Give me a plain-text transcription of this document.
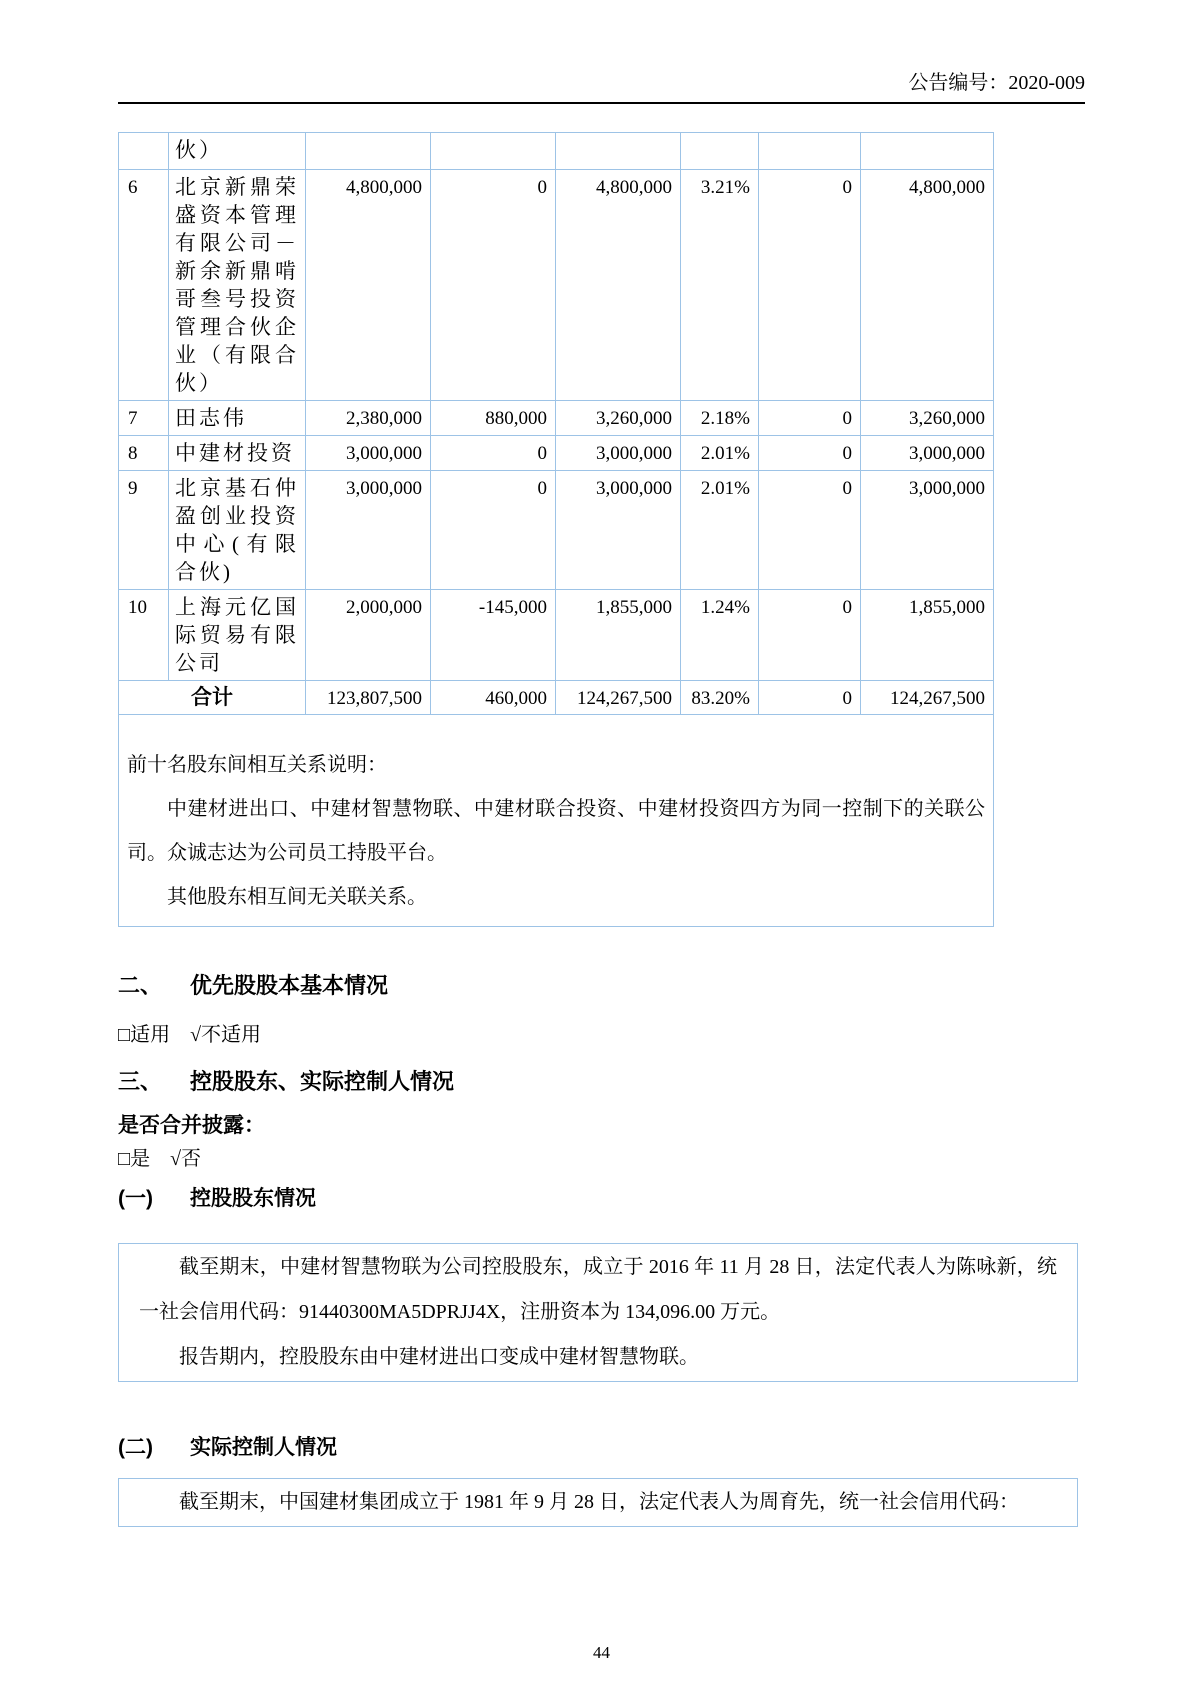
公告编号：2020-009
	伙）						
6	北京新鼎荣盛资本管理有限公司－新余新鼎啃哥叁号投资管理合伙企业（有限合伙）	4,800,000	0	4,800,000	3.21%	0	4,800,000
7	田志伟	2,380,000	880,000	3,260,000	2.18%	0	3,260,000
8	中建材投资	3,000,000	0	3,000,000	2.01%	0	3,000,000
9	北京基石仲盈创业投资中心(有限合伙)	3,000,000	0	3,000,000	2.01%	0	3,000,000
10	上海元亿国际贸易有限公司	2,000,000	-145,000	1,855,000	1.24%	0	1,855,000
合计		123,807,500	460,000	124,267,500	83.20%	0	124,267,500

前十名股东间相互关系说明：
中建材进出口、中建材智慧物联、中建材联合投资、中建材投资四方为同一控制下的关联公司。众诚志达为公司员工持股平台。
其他股东相互间无关联关系。							
二、	优先股股本基本情况
□适用　√不适用
三、	控股股东、实际控制人情况
是否合并披露：
□是　√否
(一)	控股股东情况

截至期末，中建材智慧物联为公司控股股东，成立于 2016 年 11 月 28 日，法定代表人为陈咏新，统一社会信用代码：91440300MA5DPRJJ4X，注册资本为 134,096.00 万元。

报告期内，控股股东由中建材进出口变成中建材智慧物联。

(二)	实际控制人情况

截至期末，中国建材集团成立于 1981 年 9 月 28 日，法定代表人为周育先，统一社会信用代码：

44
